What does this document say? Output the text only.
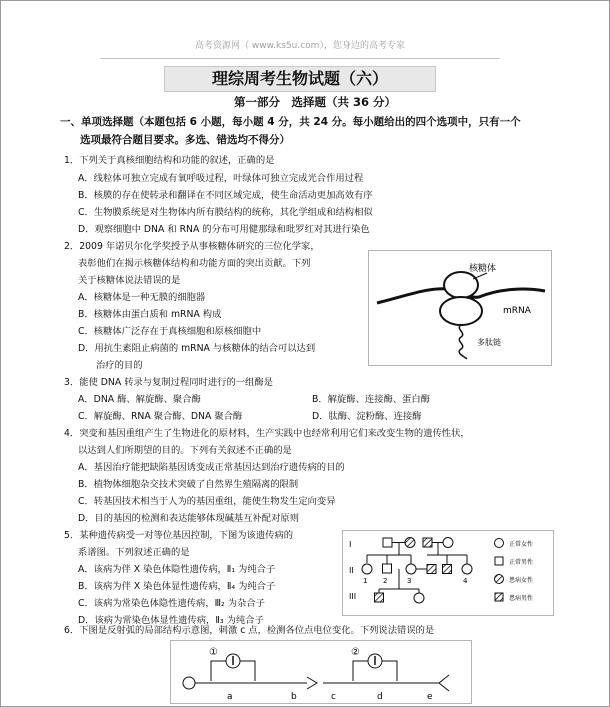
高考资源网（ www.ks5u.com），您身边的高考专家
理综周考生物试题（六）
第一部分　选择题（共 36 分）
一、单项选择题（本题包括 6 小题，每小题 4 分，共 24 分。每小题给出的四个选项中，只有一个
选项最符合题目要求。多选、错选均不得分）
1．下列关于真核细胞结构和功能的叙述，正确的是
A．线粒体可独立完成有氧呼吸过程，叶绿体可独立完成光合作用过程
B．核膜的存在使转录和翻译在不同区域完成，使生命活动更加高效有序
C．生物膜系统是对生物体内所有膜结构的统称，其化学组成和结构相似
D．观察细胞中 DNA 和 RNA 的分布可用健那绿和吡罗红对其进行染色
2．2009 年诺贝尔化学奖授予从事核糖体研究的三位化学家，
表彰他们在揭示核糖体结构和功能方面的突出贡献。下列
关于核糖体说法错误的是
A．核糖体是一种无膜的细胞器
B．核糖体由蛋白质和 mRNA 构成
C．核糖体广泛存在于真核细胞和原核细胞中
D．用抗生素阻止病菌的 mRNA 与核糖体的结合可以达到
治疗的目的
核糖体
mRNA
多肽链
3．能使 DNA 转录与复制过程同时进行的一组酶是
A．DNA 酶、解旋酶、聚合酶	B．解旋酶、连接酶、蛋白酶
C．解旋酶、RNA 聚合酶、DNA 聚合酶	D．肽酶、淀粉酶、连接酶
4．突变和基因重组产生了生物进化的原材料，生产实践中也经常利用它们来改变生物的遗传性状，
以达到人们所期望的目的。下列有关叙述不正确的是
A．基因治疗能把缺陷基因诱变成正常基因达到治疗遗传病的目的
B．植物体细胞杂交技术突破了自然界生殖隔离的限制
C．转基因技术相当于人为的基因重组，能使生物发生定向变异
D．目的基因的检测和表达能够体现碱基互补配对原则
5．某种遗传病受一对等位基因控制，下图为该遗传病的
系谱图。下列叙述正确的是
A．该病为伴 X 染色体隐性遗传病，Ⅱ₁ 为纯合子
B．该病为伴 X 染色体显性遗传病，Ⅱ₄ 为纯合子
C．该病为常染色体隐性遗传病，Ⅲ₂ 为杂合子
D．该病为常染色体显性遗传病，Ⅱ₃ 为纯合子
I
II
III
1 2	3	4
正常女性
正常男性
患病女性
患病男性
6．下图是反射弧的局部结构示意图，刺激 c 点，检测各位点电位变化。下列说法错误的是
①	②
a	b	c	d	e
